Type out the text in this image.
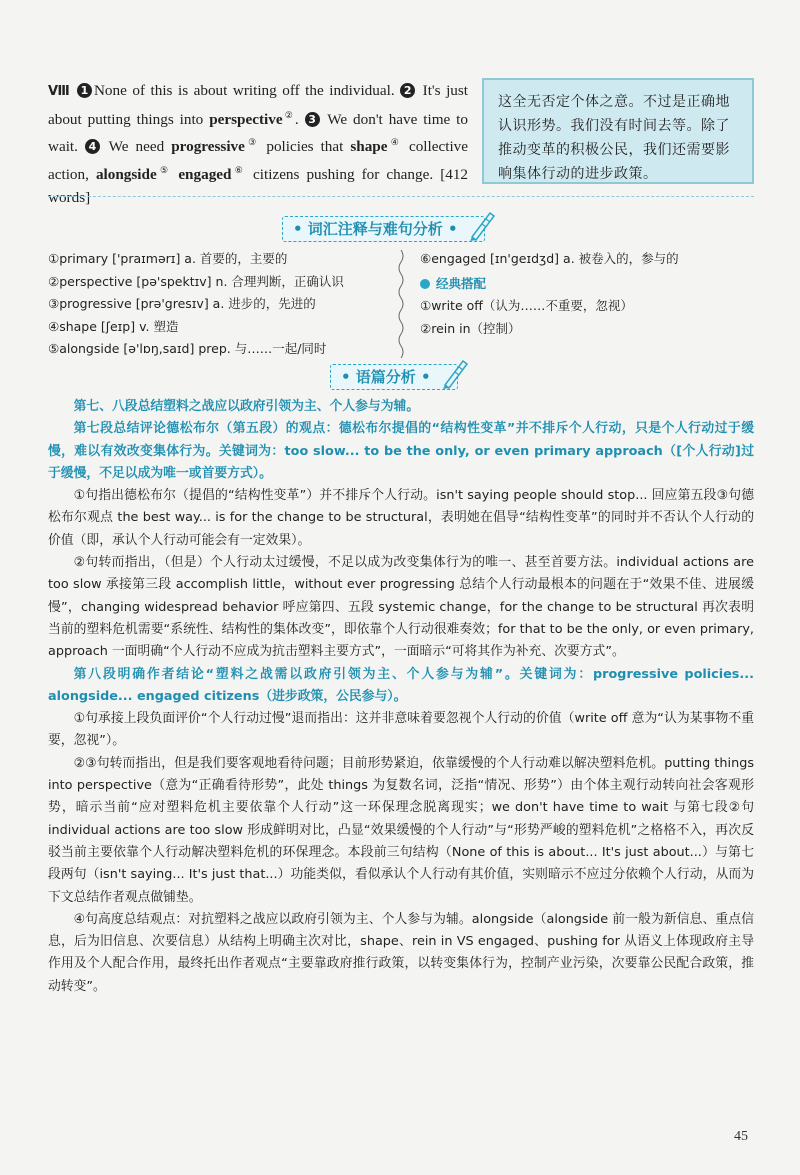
Ⅷ 1 None of this is about writing off the individual. 2 It's just about putting things into perspective②. 3 We don't have time to wait. 4 We need progressive③ policies that shape④ collective action, alongside⑤ engaged⑥ citizens pushing for change. [412 words]
这全无否定个体之意。不过是正确地认识形势。我们没有时间去等。除了推动变革的积极公民，我们还需要影响集体行动的进步政策。
• 词汇注释与难句分析 •
①primary ['praɪmərɪ] a. 首要的，主要的
②perspective [pə'spektɪv] n. 合理判断，正确认识
③progressive [prə'gresɪv] a. 进步的，先进的
④shape [ʃeɪp] v. 塑造
⑤alongside [ə'lɒŋ,saɪd] prep. 与……一起/同时
⑥engaged [ɪn'geɪdʒd] a. 被卷入的，参与的
经典搭配
①write off（认为……不重要，忽视）
②rein in（控制）
• 语篇分析 •

第七、八段总结塑料之战应以政府引领为主、个人参与为辅。

第七段总结评论德松布尔（第五段）的观点：德松布尔提倡的“结构性变革”并不排斥个人行动，只是个人行动过于缓慢，难以有效改变集体行为。关键词为：too slow... to be the only, or even primary approach（[个人行动]过于缓慢，不足以成为唯一或首要方式）。

①句指出德松布尔（提倡的“结构性变革”）并不排斥个人行动。isn't saying people should stop... 回应第五段③句德松布尔观点 the best way... is for the change to be structural，表明她在倡导“结构性变革”的同时并不否认个人行动的价值（即，承认个人行动可能会有一定效果）。

②句转而指出，（但是）个人行动太过缓慢，不足以成为改变集体行为的唯一、甚至首要方法。individual actions are too slow 承接第三段 accomplish little，without ever progressing 总结个人行动最根本的问题在于“效果不佳、进展缓慢”，changing widespread behavior 呼应第四、五段 systemic change，for the change to be structural 再次表明当前的塑料危机需要“系统性、结构性的集体改变”，即依靠个人行动很难奏效；for that to be the only, or even primary, approach 一面明确“个人行动不应成为抗击塑料主要方式”，一面暗示“可将其作为补充、次要方式”。

第八段明确作者结论“塑料之战需以政府引领为主、个人参与为辅”。关键词为：progressive policies... alongside... engaged citizens（进步政策，公民参与）。

①句承接上段负面评价“个人行动过慢”退而指出：这并非意味着要忽视个人行动的价值（write off 意为“认为某事物不重要，忽视”）。

②③句转而指出，但是我们要客观地看待问题；目前形势紧迫，依靠缓慢的个人行动难以解决塑料危机。putting things into perspective（意为“正确看待形势”，此处 things 为复数名词，泛指“情况、形势”）由个体主观行动转向社会客观形势，暗示当前“应对塑料危机主要依靠个人行动”这一环保理念脱离现实；we don't have time to wait 与第七段②句 individual actions are too slow 形成鲜明对比，凸显“效果缓慢的个人行动”与“形势严峻的塑料危机”之格格不入，再次反驳当前主要依靠个人行动解决塑料危机的环保理念。本段前三句结构（None of this is about... It's just about...）与第七段两句（isn't saying... It's just that...）功能类似，看似承认个人行动有其价值，实则暗示不应过分依赖个人行动，从而为下文总结作者观点做铺垫。

④句高度总结观点：对抗塑料之战应以政府引领为主、个人参与为辅。alongside（alongside 前一般为新信息、重点信息，后为旧信息、次要信息）从结构上明确主次对比，shape、rein in VS engaged、pushing for 从语义上体现政府主导作用及个人配合作用，最终托出作者观点“主要靠政府推行政策，以转变集体行为，控制产业污染，次要靠公民配合政策，推动转变”。

45
